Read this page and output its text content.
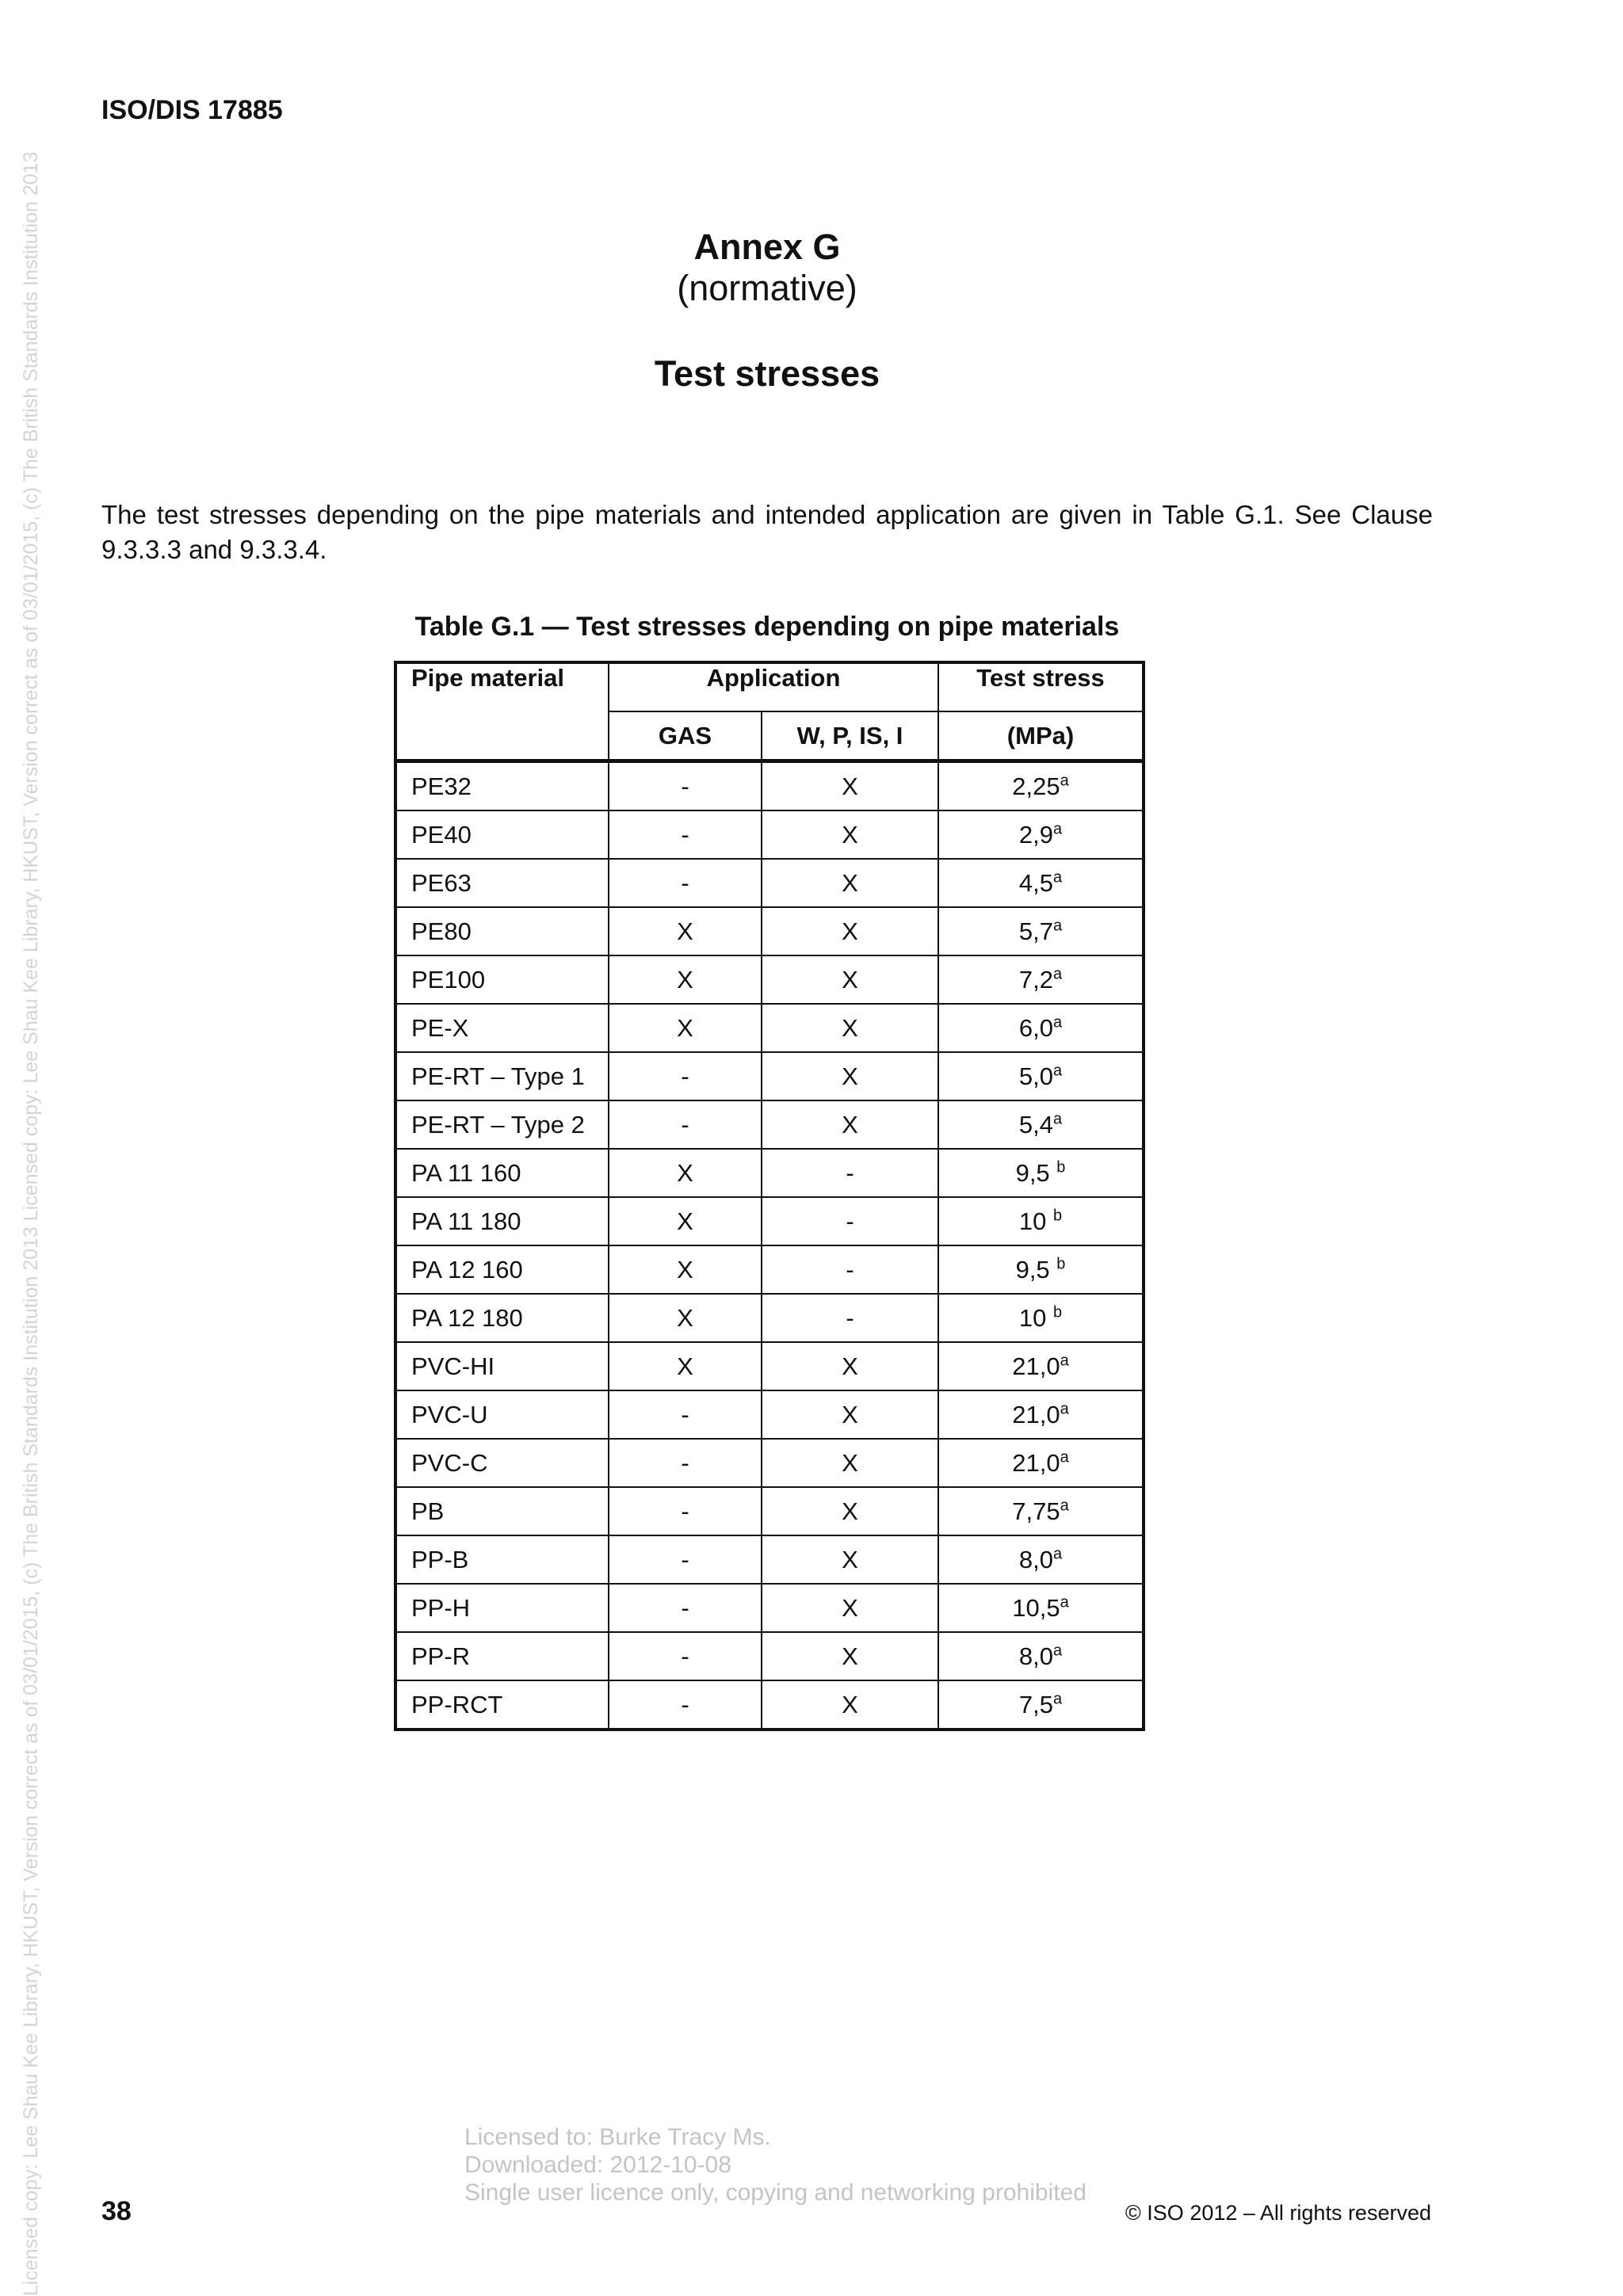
Licensed copy: Lee Shau Kee Library, HKUST, Version correct as of 03/01/2015, (c) The British Standards Institution 2013 Licensed copy: Lee Shau Kee Library, HKUST, Version correct as of 03/01/2015, (c) The British Standards Institution 2013
ISO/DIS 17885
Annex G
(normative)
Test stresses
The test stresses depending on the pipe materials and intended application are given in Table G.1. See Clause 9.3.3.3 and 9.3.3.4.
Table G.1 — Test stresses depending on pipe materials
Pipe material	Application		Test stress
	GAS	W, P, IS, I	(MPa)
PE32	-	X	2,25$^a$
PE40	-	X	2,9$^a$
PE63	-	X	4,5$^a$
PE80	X	X	5,7$^a$
PE100	X	X	7,2$^a$
PE-X	X	X	6,0$^a$
PE-RT – Type 1	-	X	5,0$^a$
PE-RT – Type 2	-	X	5,4$^a$
PA 11 160	X	-	9,5 $^b$
PA 11 180	X	-	10 $^b$
PA 12 160	X	-	9,5 $^b$
PA 12 180	X	-	10 $^b$
PVC-HI	X	X	21,0$^a$
PVC-U	-	X	21,0$^a$
PVC-C	-	X	21,0$^a$
PB	-	X	7,75$^a$
PP-B	-	X	8,0$^a$
PP-H	-	X	10,5$^a$
PP-R	-	X	8,0$^a$
PP-RCT	-	X	7,5$^a$
Licensed to: Burke Tracy Ms.
Downloaded: 2012-10-08
Single user licence only, copying and networking prohibited
38	© ISO 2012 – All rights reserved
